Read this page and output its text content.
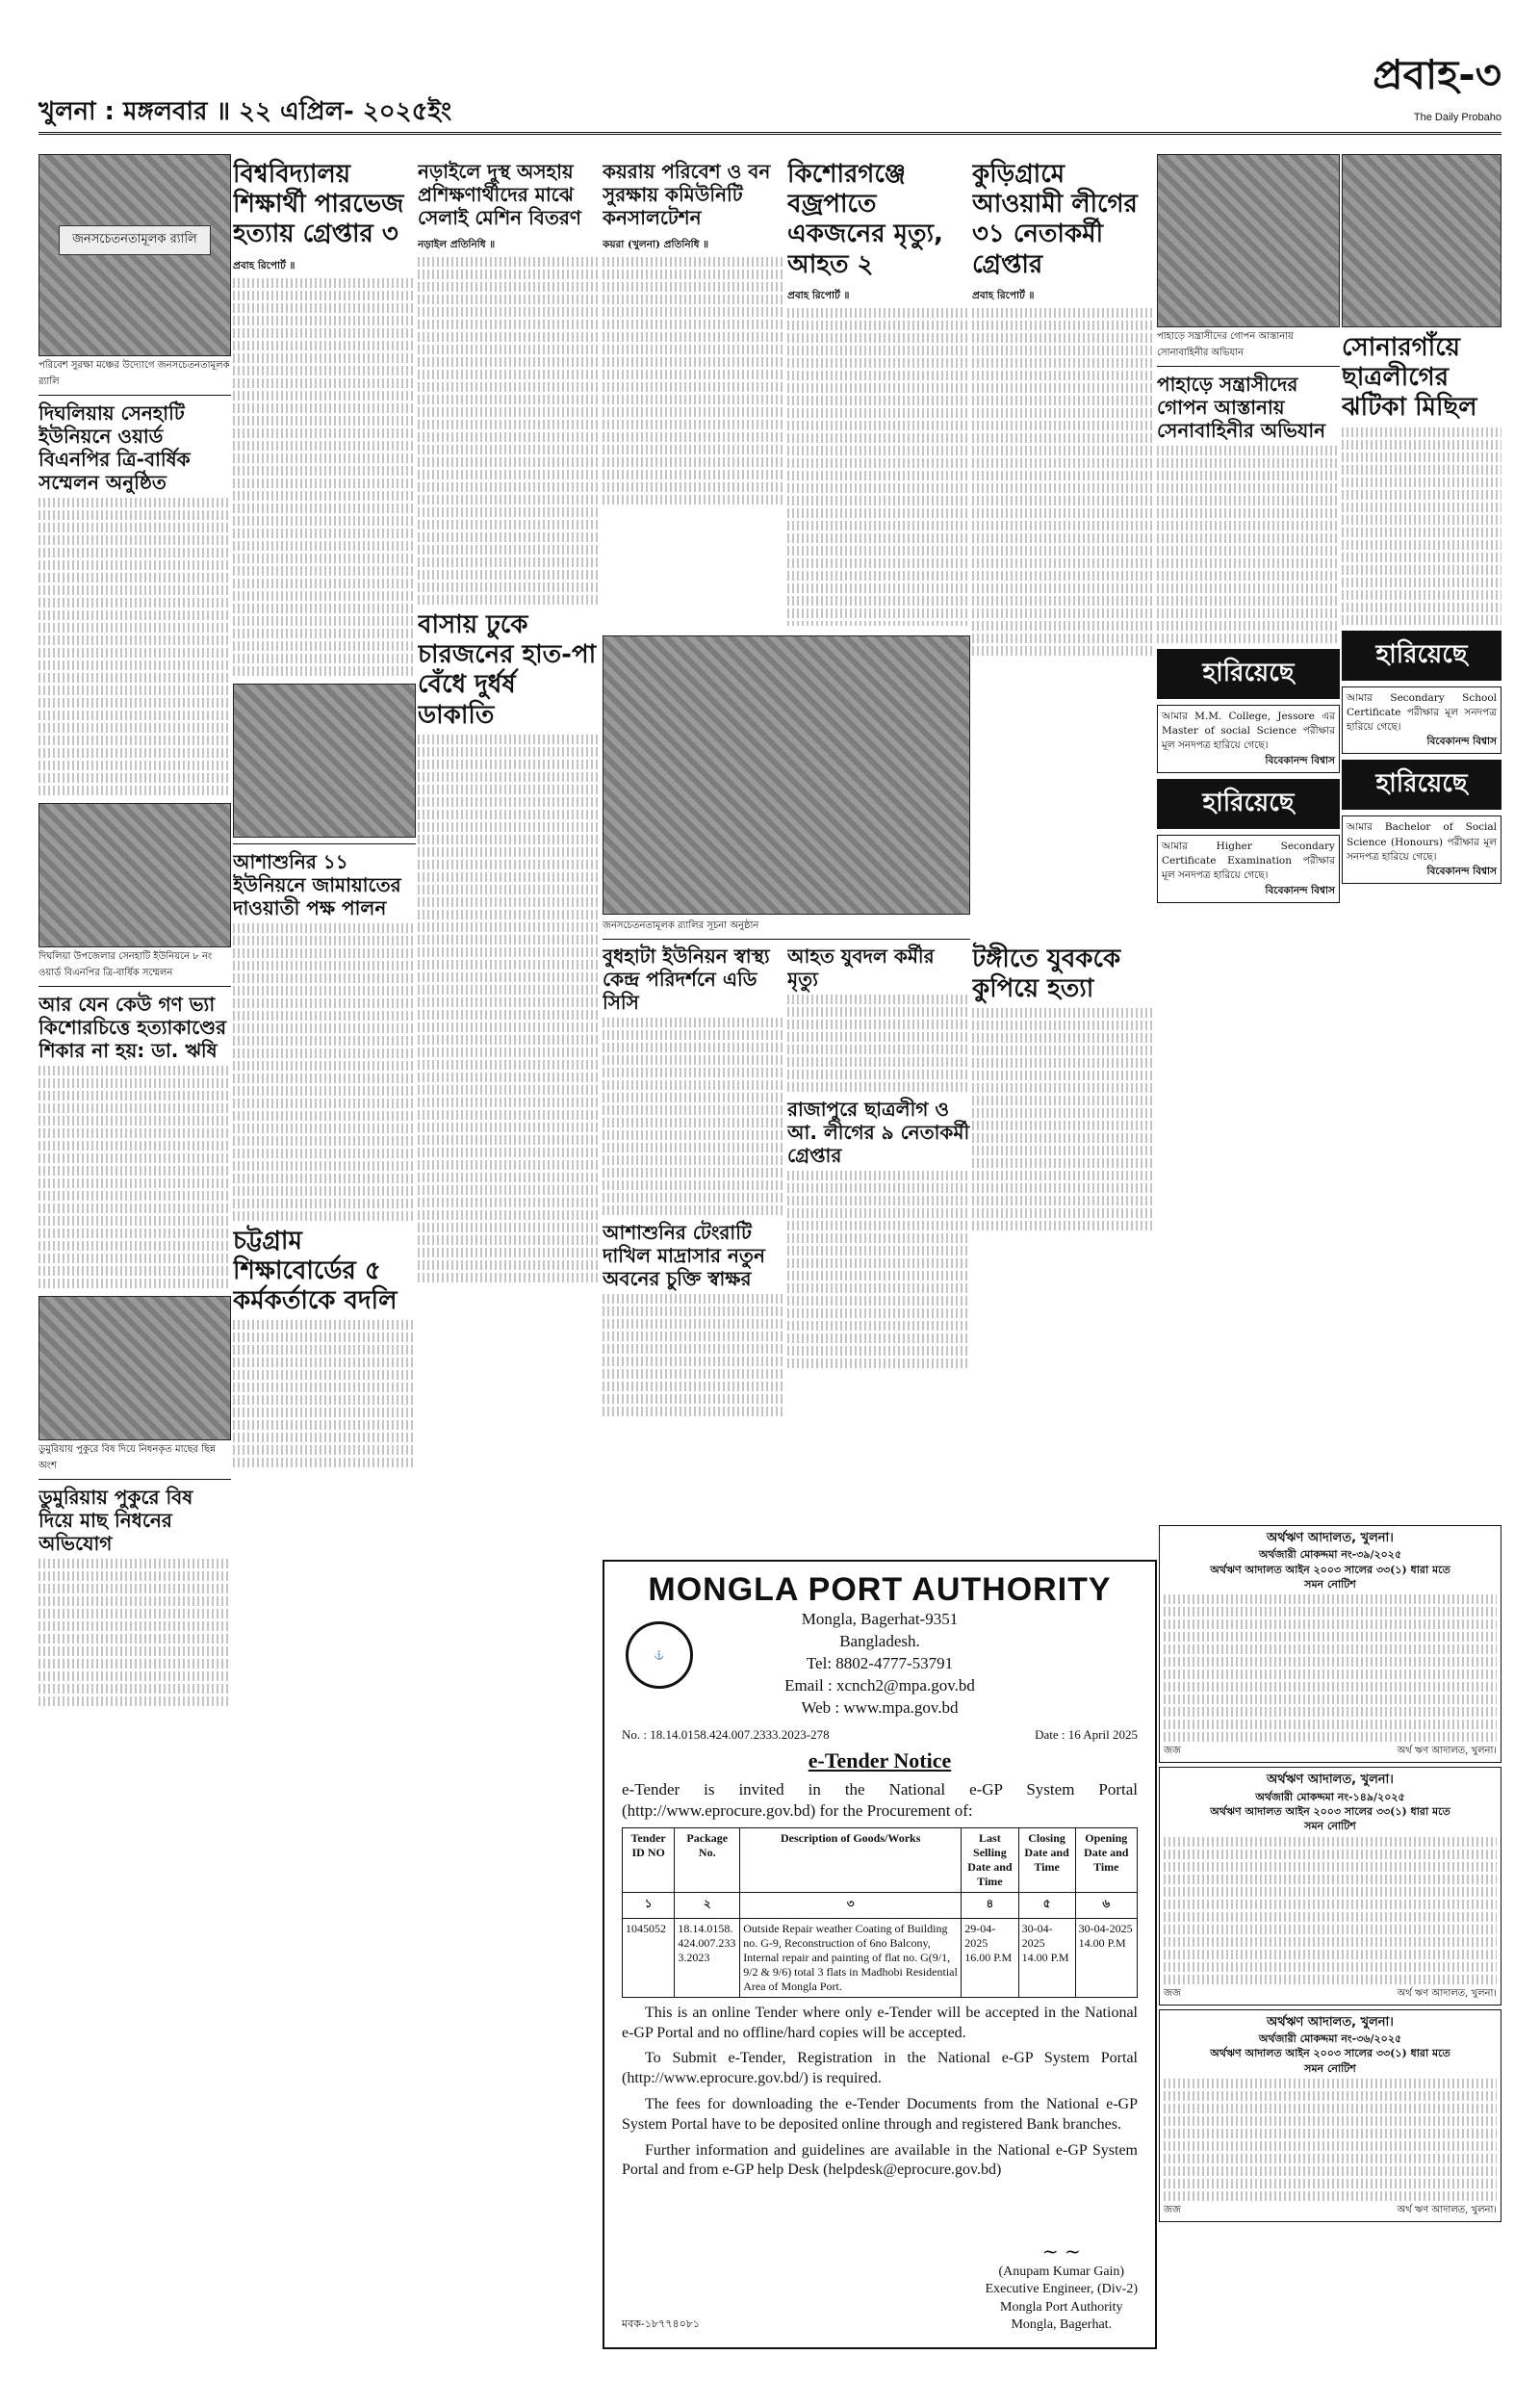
খুলনা : মঙ্গলবার ॥ ২২ এপ্রিল- ২০২৫ইং
প্রবাহ-৩
The Daily Probaho
জনসচেতনতামূলক র‍্যালি
পরিবেশ সুরক্ষা মঞ্চের উদ্যোগে জনসচেতনতামূলক র‍্যালি
দিঘলিয়ায় সেনহাটি ইউনিয়নে ওয়ার্ড বিএনপির ত্রি-বার্ষিক সম্মেলন অনুষ্ঠিত
দিঘলিয়া উপজেলার সেনহাটি ইউনিয়নে ৮ নং ওয়ার্ড বিএনপির ত্রি-বার্ষিক সম্মেলন
আর যেন কেউ গণ ভ্যা কিশোরচিত্তে হত্যাকাণ্ডের শিকার না হয়: ডা. ঋষি
ডুমুরিয়ায় পুকুরে বিষ দিয়ে নিধনকৃত মাছের ছিন্ন অংশ
ডুমুরিয়ায় পুকুরে বিষ দিয়ে মাছ নিধনের অভিযোগ
বিশ্ববিদ্যালয় শিক্ষার্থী পারভেজ হত্যায় গ্রেপ্তার ৩
প্রবাহ রিপোর্ট ॥
আশাশুনির ১১ ইউনিয়নে জামায়াতের দাওয়াতী পক্ষ পালন
চট্টগ্রাম শিক্ষাবোর্ডের ৫ কর্মকর্তাকে বদলি
নড়াইলে দুস্থ অসহায় প্রশিক্ষণার্থীদের মাঝে সেলাই মেশিন বিতরণ
নড়াইল প্রতিনিধি ॥
বাসায় ঢুকে চারজনের হাত-পা বেঁধে দুর্ধর্ষ ডাকাতি
কয়রায় পরিবেশ ও বন সুরক্ষায় কমিউনিটি কনসালটেশন
কয়রা (খুলনা) প্রতিনিধি ॥
জনসচেতনতামূলক র‍্যালির সূচনা অনুষ্ঠান
বুধহাটা ইউনিয়ন স্বাস্থ্য কেন্দ্র পরিদর্শনে এডি সিসি
আশাশুনির টেংরাটি দাখিল মাদ্রাসার নতুন অবনের চুক্তি স্বাক্ষর
কিশোরগঞ্জে বজ্রপাতে একজনের মৃত্যু, আহত ২
প্রবাহ রিপোর্ট ॥
আহত যুবদল কর্মীর মৃত্যু
রাজাপুরে ছাত্রলীগ ও আ. লীগের ৯ নেতাকর্মী গ্রেপ্তার
কুড়িগ্রামে আওয়ামী লীগের ৩১ নেতাকর্মী গ্রেপ্তার
প্রবাহ রিপোর্ট ॥
টঙ্গীতে যুবককে কুপিয়ে হত্যা
পাহাড়ে সন্ত্রাসীদের গোপন আস্তানায় সোনাবাহিনীর অভিযান
পাহাড়ে সন্ত্রাসীদের গোপন আস্তানায় সেনাবাহিনীর অভিযান
হারিয়েছে
আমার M.M. College, Jessore এর Master of social Science পরীক্ষার মূল সনদপত্র হারিয়ে গেছে।
বিবেকানন্দ বিশ্বাস
হারিয়েছে
আমার Higher Secondary Certificate Examination পরীক্ষার মূল সনদপত্র হারিয়ে গেছে।
বিবেকানন্দ বিশ্বাস
সোনারগাঁয়ে ছাত্রলীগের ঝটিকা মিছিল
হারিয়েছে
আমার Secondary School Certificate পরীক্ষার মূল সনদপত্র হারিয়ে গেছে।
বিবেকানন্দ বিশ্বাস
হারিয়েছে
আমার Bachelor of Social Science (Honours) পরীক্ষার মূল সনদপত্র হারিয়ে গেছে।
বিবেকানন্দ বিশ্বাস
অর্থঋণ আদালত, খুলনা।
অর্থজারী মোকদ্দমা নং-৩৯/২০২৫
অর্থঋণ আদালত আইন ২০০৩ সালের ৩৩(১) ধারা মতে
সমন নোটিশ
জজ	অর্থ ঋণ আদালত, খুলনা।
অর্থঋণ আদালত, খুলনা।
অর্থজারী মোকদ্দমা নং-১৪৯/২০২৫
অর্থঋণ আদালত আইন ২০০৩ সালের ৩৩(১) ধারা মতে
সমন নোটিশ
জজ	অর্থ ঋণ আদালত, খুলনা।
অর্থঋণ আদালত, খুলনা।
অর্থজারী মোকদ্দমা নং-৩৬/২০২৫
অর্থঋণ আদালত আইন ২০০৩ সালের ৩৩(১) ধারা মতে
সমন নোটিশ
জজ	অর্থ ঋণ আদালত, খুলনা।
⚓
MONGLA PORT AUTHORITY
Mongla, Bagerhat-9351
Bangladesh.
Tel: 8802-4777-53791
Email : xcnch2@mpa.gov.bd
Web : www.mpa.gov.bd
No. : 18.14.0158.424.007.2333.2023-278	Date : 16 April 2025
e-Tender Notice
e-Tender is invited in the National e-GP System Portal (http://www.eprocure.gov.bd) for the Procurement of:
Tender ID NO	Package No.	Description of Goods/Works	Last Selling Date and Time	Closing Date and Time	Opening Date and Time
১	২	৩	৪	৫	৬
1045052	18.14.0158.424.007.2333.2023	Outside Repair weather Coating of Building no. G-9, Reconstruction of 6no Balcony, Internal repair and painting of flat no. G(9/1, 9/2 & 9/6) total 3 flats in Madhobi Residential Area of Mongla Port.	29-04-2025 16.00 P.M	30-04-2025 14.00 P.M	30-04-2025 14.00 P.M

This is an online Tender where only e-Tender will be accepted in the National e-GP Portal and no offline/hard copies will be accepted.

To Submit e-Tender, Registration in the National e-GP System Portal (http://www.eprocure.gov.bd/) is required.

The fees for downloading the e-Tender Documents from the National e-GP System Portal have to be deposited online through and registered Bank branches.

Further information and guidelines are available in the National e-GP System Portal and from e-GP help Desk (helpdesk@eprocure.gov.bd)

মবক-১৮৭৭৪০৮১
~ ~
(Anupam Kumar Gain)
Executive Engineer, (Div-2)
Mongla Port Authority
Mongla, Bagerhat.
